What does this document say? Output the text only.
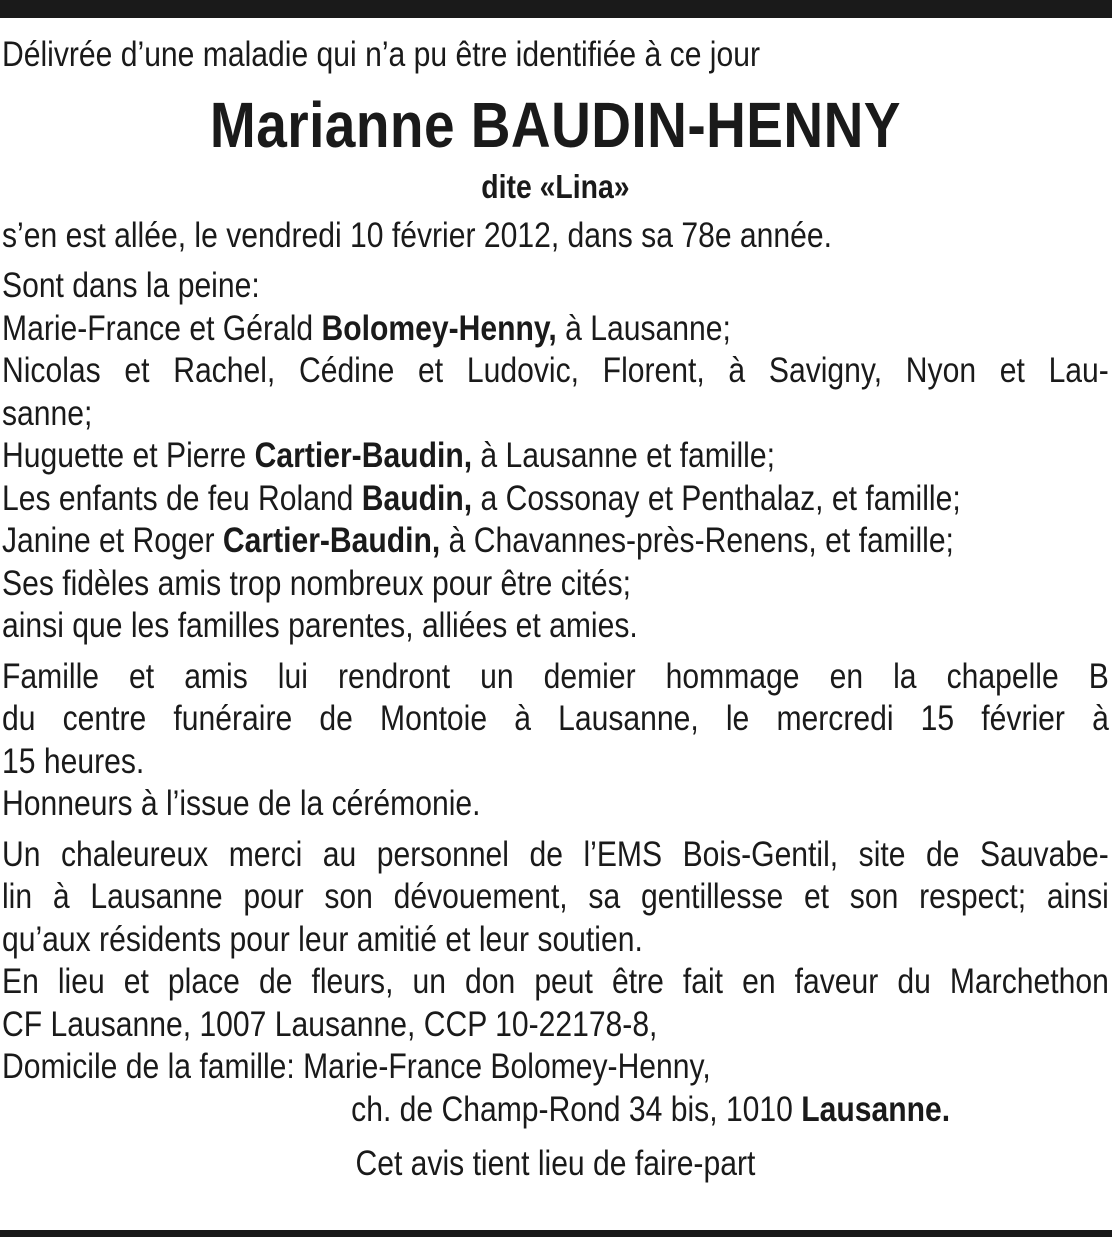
Délivrée d’une maladie qui n’a pu être identifiée à ce jour
Marianne BAUDIN-HENNY
dite «Lina»
s’en est allée, le vendredi 10 février 2012, dans sa 78e année.
Sont dans la peine:
Marie-France et Gérald Bolomey-Henny, à Lausanne;
Nicolas et Rachel, Cédine et Ludovic, Florent, à Savigny, Nyon et Lau-
sanne;
Huguette et Pierre Cartier-Baudin, à Lausanne et famille;
Les enfants de feu Roland Baudin, a Cossonay et Penthalaz, et famille;
Janine et Roger Cartier-Baudin, à Chavannes-près-Renens, et famille;
Ses fidèles amis trop nombreux pour être cités;
ainsi que les familles parentes, alliées et amies.
Famille et amis lui rendront un demier hommage en la chapelle B
du centre funéraire de Montoie à Lausanne, le mercredi 15 février à
15 heures.
Honneurs à l’issue de la cérémonie.
Un chaleureux merci au personnel de l’EMS Bois-Gentil, site de Sauvabe-
lin à Lausanne pour son dévouement, sa gentillesse et son respect; ainsi
qu’aux résidents pour leur amitié et leur soutien.
En lieu et place de fleurs, un don peut être fait en faveur du Marchethon
CF Lausanne, 1007 Lausanne, CCP 10-22178-8,
Domicile de la famille: Marie-France Bolomey-Henny,
ch. de Champ-Rond 34 bis, 1010 Lausanne.
Cet avis tient lieu de faire-part
